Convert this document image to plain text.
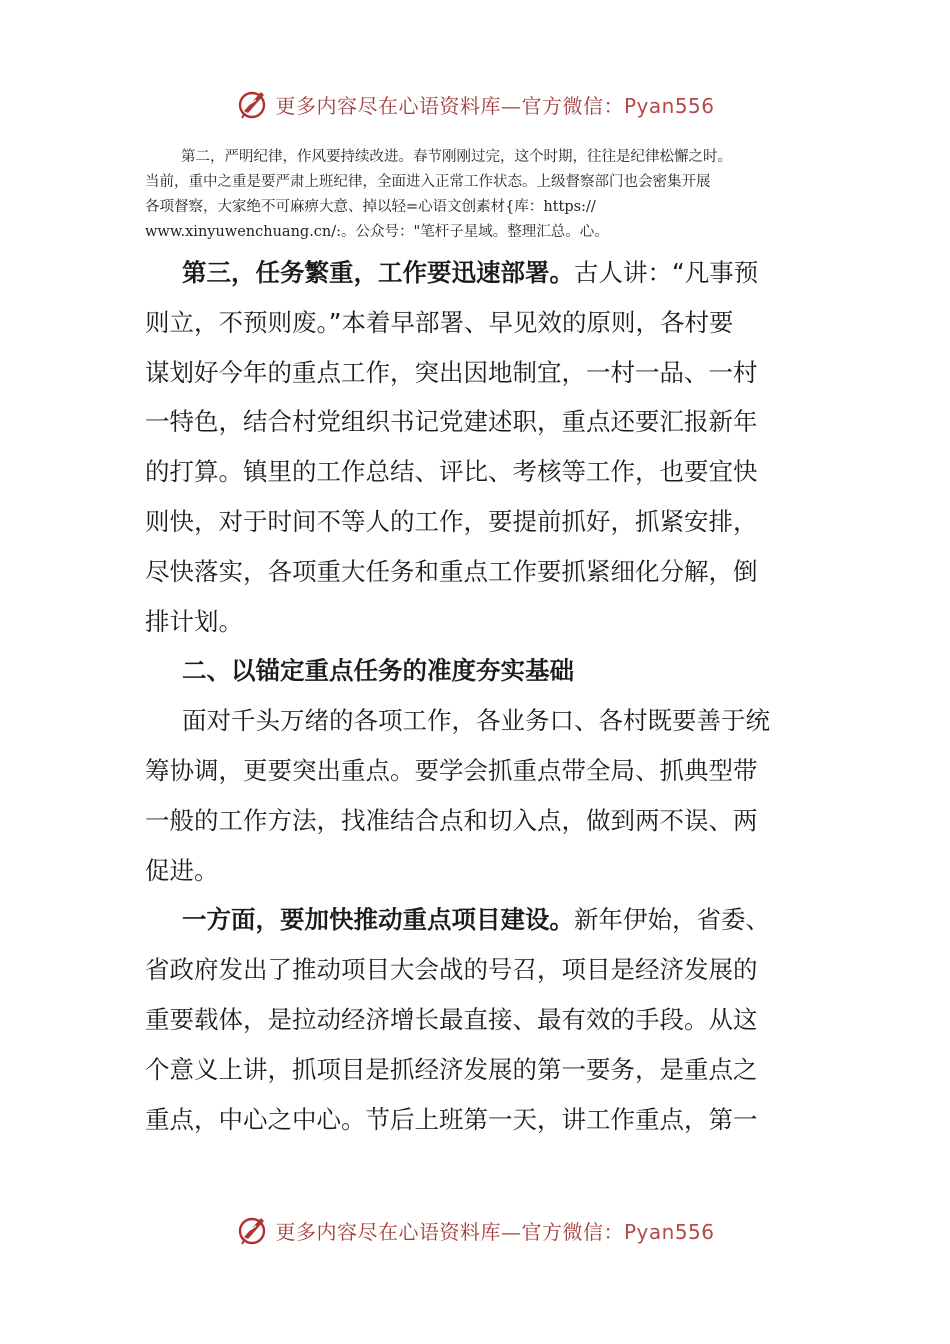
更多内容尽在心语资料库—官方微信：Pyan556
第二，严明纪律，作风要持续改进。春节刚刚过完，这个时期，往往是纪律松懈之时。
当前，重中之重是要严肃上班纪律，全面进入正常工作状态。上级督察部门也会密集开展
各项督察，大家绝不可麻痹大意、掉以轻=心语文创素材{库：https://
www.xinyuwenchuang.cn/:。公众号："笔杆子星域。整理汇总。心。
第三，任务繁重，工作要迅速部署。古人讲：“凡事预
则立，不预则废。”本着早部署、早见效的原则，各村要
谋划好今年的重点工作，突出因地制宜，一村一品、一村
一特色，结合村党组织书记党建述职，重点还要汇报新年
的打算。镇里的工作总结、评比、考核等工作，也要宜快
则快，对于时间不等人的工作，要提前抓好，抓紧安排，
尽快落实，各项重大任务和重点工作要抓紧细化分解，倒
排计划。
二、以锚定重点任务的准度夯实基础
面对千头万绪的各项工作，各业务口、各村既要善于统
筹协调，更要突出重点。要学会抓重点带全局、抓典型带
一般的工作方法，找准结合点和切入点，做到两不误、两
促进。
一方面，要加快推动重点项目建设。新年伊始，省委、
省政府发出了推动项目大会战的号召，项目是经济发展的
重要载体，是拉动经济增长最直接、最有效的手段。从这
个意义上讲，抓项目是抓经济发展的第一要务，是重点之
重点，中心之中心。节后上班第一天，讲工作重点，第一
更多内容尽在心语资料库—官方微信：Pyan556
